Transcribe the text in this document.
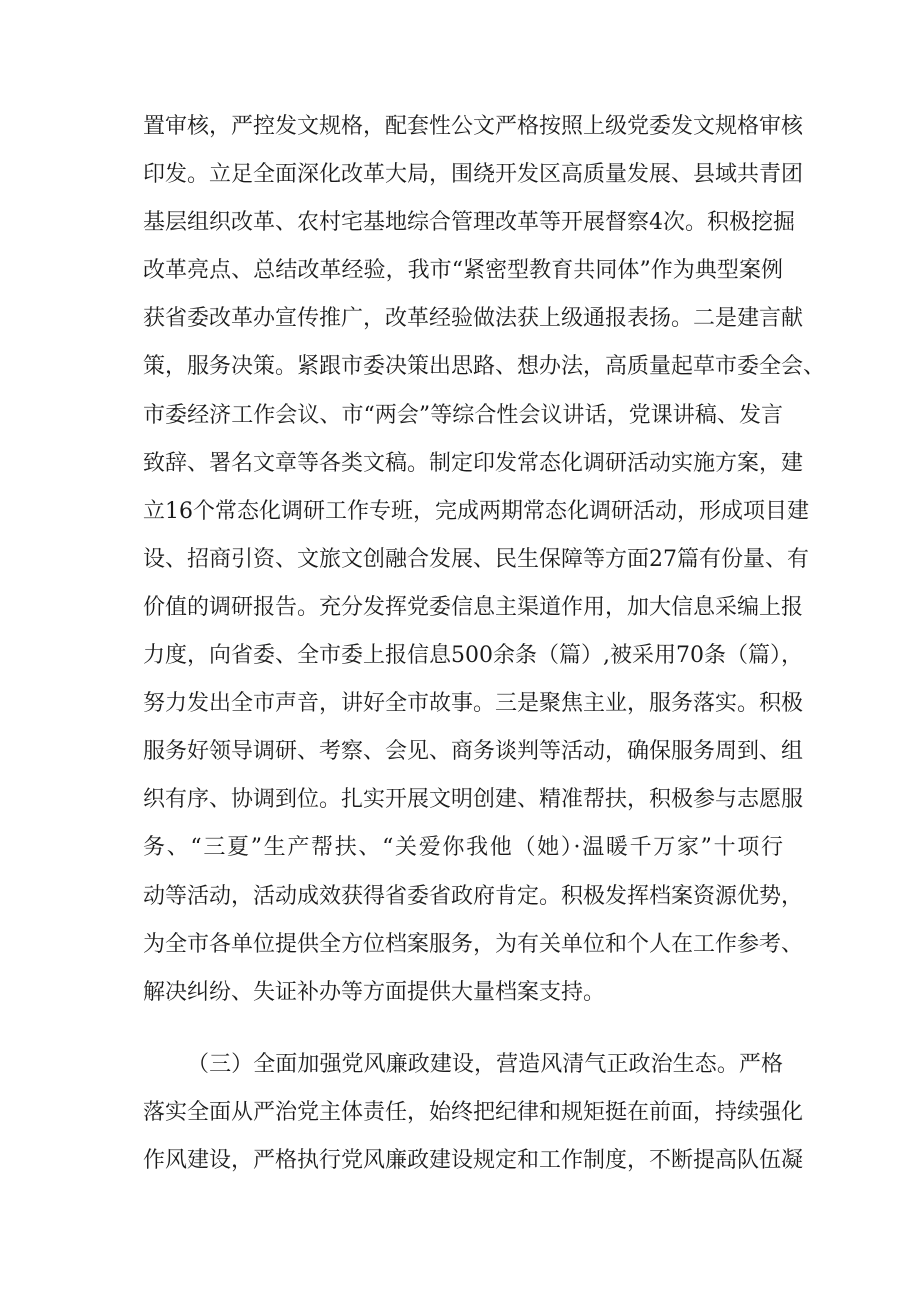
置审核，严控发文规格，配套性公文严格按照上级党委发文规格审核
印发。立足全面深化改革大局，围绕开发区高质量发展、县域共青团
基层组织改革、农村宅基地综合管理改革等开展督察4次。积极挖掘
改革亮点、总结改革经验，我市“紧密型教育共同体”作为典型案例
获省委改革办宣传推广，改革经验做法获上级通报表扬。二是建言献
策，服务决策。紧跟市委决策出思路、想办法，高质量起草市委全会、
市委经济工作会议、市“两会”等综合性会议讲话，党课讲稿、发言
致辞、署名文章等各类文稿。制定印发常态化调研活动实施方案，建
立16个常态化调研工作专班，完成两期常态化调研活动，形成项目建
设、招商引资、文旅文创融合发展、民生保障等方面27篇有份量、有
价值的调研报告。充分发挥党委信息主渠道作用，加大信息采编上报
力度，向省委、全市委上报信息500余条（篇）,被采用70条（篇），
努力发出全市声音，讲好全市故事。三是聚焦主业，服务落实。积极
服务好领导调研、考察、会见、商务谈判等活动，确保服务周到、组
织有序、协调到位。扎实开展文明创建、精准帮扶，积极参与志愿服
务、“三夏”生产帮扶、“关爱你我他（她）·温暖千万家”十项行
动等活动，活动成效获得省委省政府肯定。积极发挥档案资源优势，
为全市各单位提供全方位档案服务，为有关单位和个人在工作参考、
解决纠纷、失证补办等方面提供大量档案支持。
（三）全面加强党风廉政建设，营造风清气正政治生态。严格
落实全面从严治党主体责任，始终把纪律和规矩挺在前面，持续强化
作风建设，严格执行党风廉政建设规定和工作制度，不断提高队伍凝
